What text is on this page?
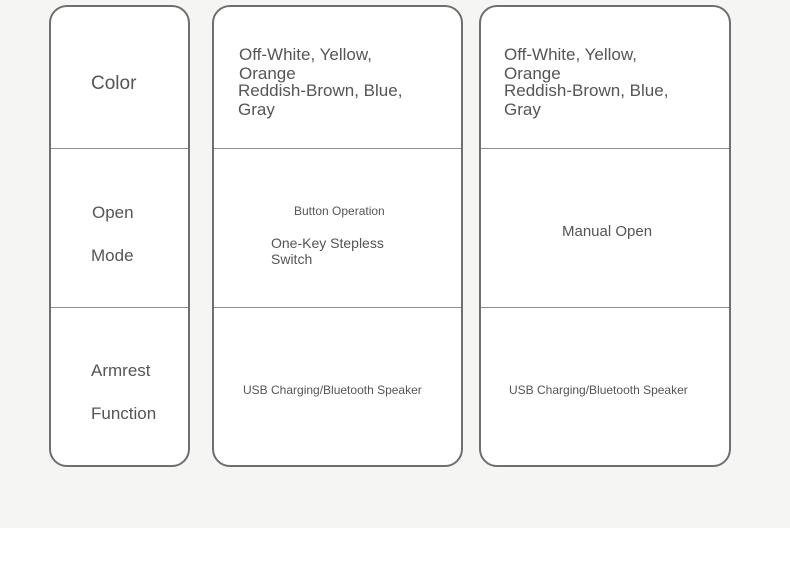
Color
Open
Mode
Armrest
Function
Off-White, Yellow, Orange
Reddish-Brown, Blue, Gray
Button Operation
One-Key Stepless Switch
USB Charging/Bluetooth Speaker
Off-White, Yellow, Orange
Reddish-Brown, Blue, Gray
Manual Open
USB Charging/Bluetooth Speaker
